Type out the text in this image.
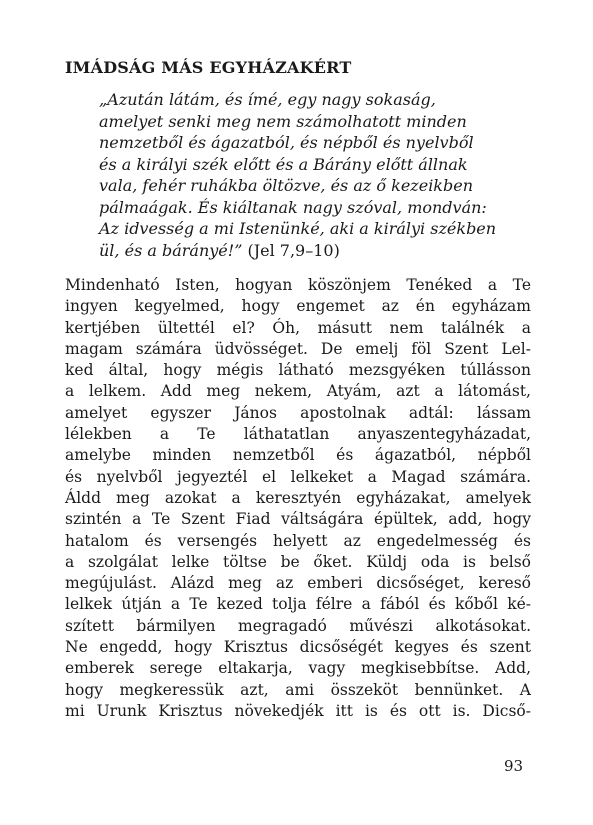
IMÁDSÁG MÁS EGYHÁZAKÉRT
„Azután látám, és ímé, egy nagy sokaság,
amelyet senki meg nem számolhatott minden
nemzetből és ágazatból, és népből és nyelvből
és a királyi szék előtt és a Bárány előtt állnak
vala, fehér ruhákba öltözve, és az ő kezeikben
pálmaágak. És kiáltanak nagy szóval, mondván:
Az idvesség a mi Istenünké, aki a királyi székben
ül, és a bárányé!” (Jel 7,9–10)
Mindenható Isten, hogyan köszönjem Tenéked a Te
ingyen kegyelmed, hogy engemet az én egyházam
kertjében ültettél el? Óh, másutt nem találnék a
magam számára üdvösséget. De emelj föl Szent Lel-
ked által, hogy mégis látható mezsgyéken túllásson
a lelkem. Add meg nekem, Atyám, azt a látomást,
amelyet egyszer János apostolnak adtál: lássam
lélekben a Te láthatatlan anyaszentegyházadat,
amelybe minden nemzetből és ágazatból, népből
és nyelvből jegyeztél el lelkeket a Magad számára.
Áldd meg azokat a keresztyén egyházakat, amelyek
szintén a Te Szent Fiad váltságára épültek, add, hogy
hatalom és versengés helyett az engedelmesség és
a szolgálat lelke töltse be őket. Küldj oda is belső
megújulást. Alázd meg az emberi dicsőséget, kereső
lelkek útján a Te kezed tolja félre a fából és kőből ké-
szített bármilyen megragadó művészi alkotásokat.
Ne engedd, hogy Krisztus dicsőségét kegyes és szent
emberek serege eltakarja, vagy megkisebbítse. Add,
hogy megkeressük azt, ami összeköt bennünket. A
mi Urunk Krisztus növekedjék itt is és ott is. Dicső-
93
